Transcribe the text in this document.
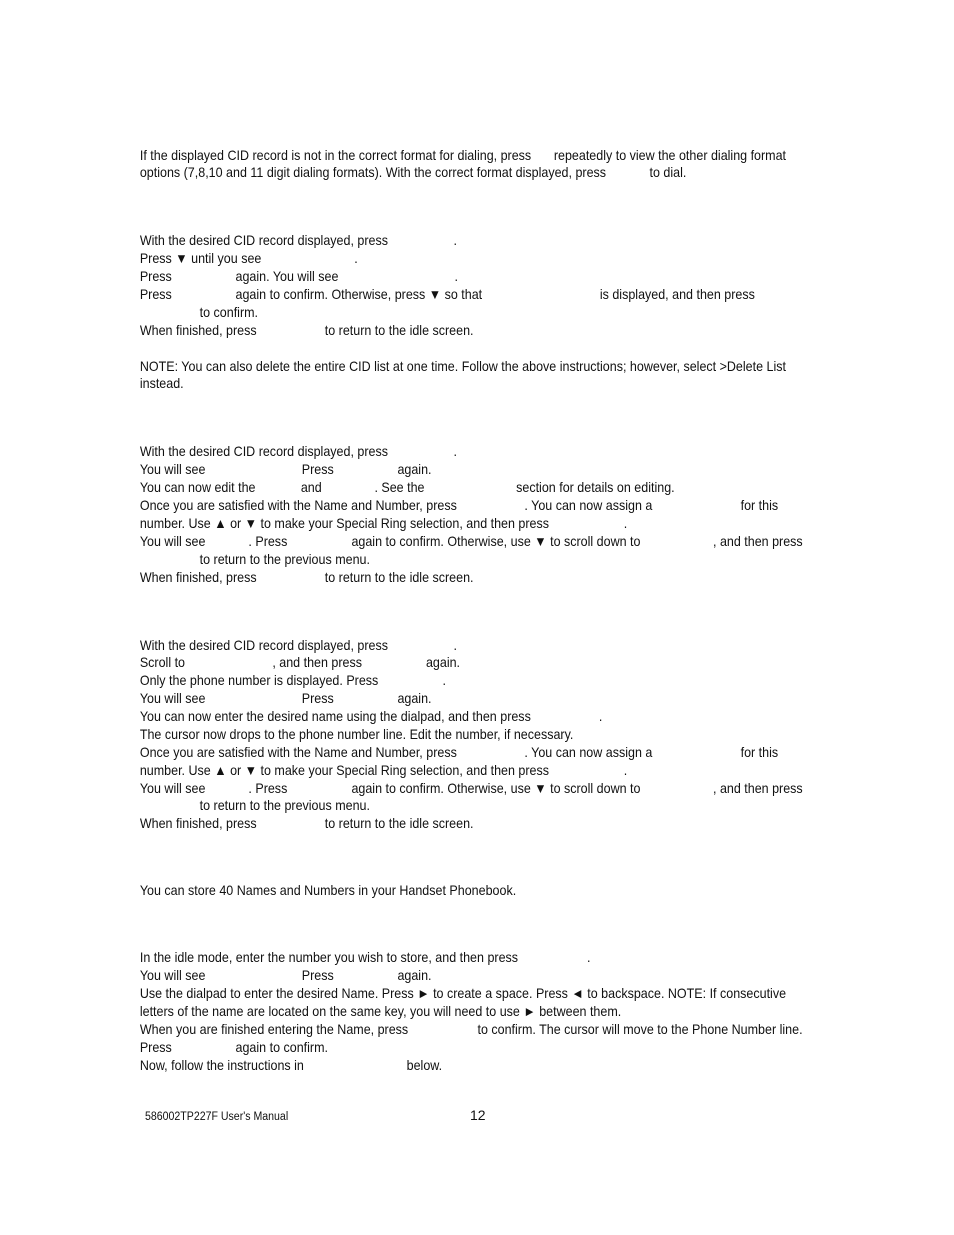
If the displayed CID record is not in the correct format for dialing, press repeatedly to view the other dialing format
options (7,8,10 and 11 digit dialing formats). With the correct format displayed, press	to dial.
With the desired CID record displayed, press	.
Press ▼ until you see	.
Press	again. You will see	.
Press	again to confirm. Otherwise, press ▼ so that	is displayed, and then press
to confirm.
When finished, press	to return to the idle screen.
NOTE: You can also delete the entire CID list at one time. Follow the above instructions; however, select >Delete List
instead.
With the desired CID record displayed, press	.
You will see	Press	again.
You can now edit the	and	. See the	section for details on editing.
Once you are satisfied with the Name and Number, press	. You can now assign a	for this
number. Use ▲ or ▼ to make your Special Ring selection, and then press	.
You will see	. Press	again to confirm. Otherwise, use ▼ to scroll down to	, and then press
to return to the previous menu.
When finished, press	to return to the idle screen.
With the desired CID record displayed, press	.
Scroll to	, and then press	again.
Only the phone number is displayed. Press	.
You will see	Press	again.
You can now enter the desired name using the dialpad, and then press	.
The cursor now drops to the phone number line. Edit the number, if necessary.
Once you are satisfied with the Name and Number, press	. You can now assign a	for this
number. Use ▲ or ▼ to make your Special Ring selection, and then press	.
You will see	. Press	again to confirm. Otherwise, use ▼ to scroll down to	, and then press
to return to the previous menu.
When finished, press	to return to the idle screen.
You can store 40 Names and Numbers in your Handset Phonebook.
In the idle mode, enter the number you wish to store, and then press	.
You will see	Press	again.
Use the dialpad to enter the desired Name. Press ► to create a space. Press ◄ to backspace. NOTE: If consecutive
letters of the name are located on the same key, you will need to use ► between them.
When you are finished entering the Name, press	to confirm. The cursor will move to the Phone Number line.
Press	again to confirm.
Now, follow the instructions in	below.
586002TP227F User's Manual	12
